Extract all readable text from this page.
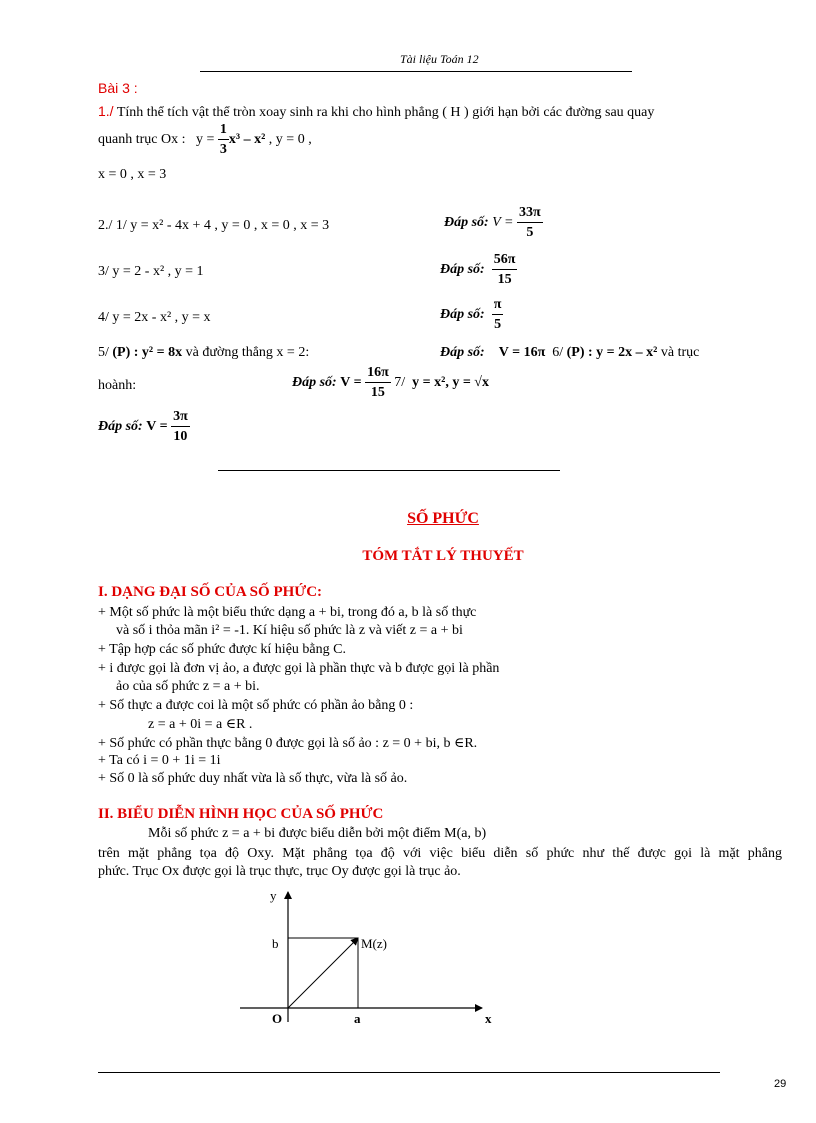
Tài liệu Toán 12
Bài 3 :
1./ Tính thể tích vật thể tròn xoay sinh ra khi cho hình phẳng ( H ) giới hạn bởi các đường sau quay
quanh trục Ox : $y = \frac{1}{3} x^3 - x^2$ , y = 0 ,
x = 0 , x = 3
2./ 1/ y = x² - 4x + 4 , y = 0 , x = 0 , x = 3	Đáp số: $V = \frac{33\pi}{5}$
3/ y = 2 - x² , y = 1	Đáp số: $\frac{56\pi}{15}$
4/ y = 2x - x² , y = x	Đáp số: $\frac{\pi}{5}$
5/ (P) : y² = 8x và đường thẳng x = 2:	Đáp số: V = 16π 6/ (P) : y = 2x – x² và trục
hoành:	Đáp số: $V = \frac{16\pi}{15} 7/$ y = x², y = √x
Đáp số: $V = \frac{3\pi}{10}$
SỐ PHỨC
TÓM TẮT LÝ THUYẾT
I. DẠNG ĐẠI SỐ CỦA SỐ PHỨC:
+ Một số phức là một biểu thức dạng a + bi, trong đó a, b là số thực
và số i thỏa mãn i² = -1. Kí hiệu số phức là z và viết z = a + bi
+ Tập hợp các số phức được kí hiệu bằng C.
+ i được gọi là đơn vị ảo, a được gọi là phần thực và b được gọi là phần
ảo của số phức z = a + bi.
+ Số thực a được coi là một số phức có phần ảo bằng 0 :
z = a + 0i = a ∈R .
+ Số phức có phần thực bằng 0 được gọi là số ảo : z = 0 + bi, b ∈R.
+ Ta có i = 0 + 1i = 1i
+ Số 0 là số phức duy nhất vừa là số thực, vừa là số ảo.
II. BIỂU DIỄN HÌNH HỌC CỦA SỐ PHỨC
Mỗi số phức z = a + bi được biểu diễn bởi một điểm M(a, b)
trên mặt phẳng tọa độ Oxy. Mặt phẳng tọa độ với việc biểu diễn số phức như thế được gọi là mặt phẳng
phức. Trục Ox được gọi là trục thực, trục Oy được gọi là trục ảo.
y
x
O	a
b	M(z)
29
